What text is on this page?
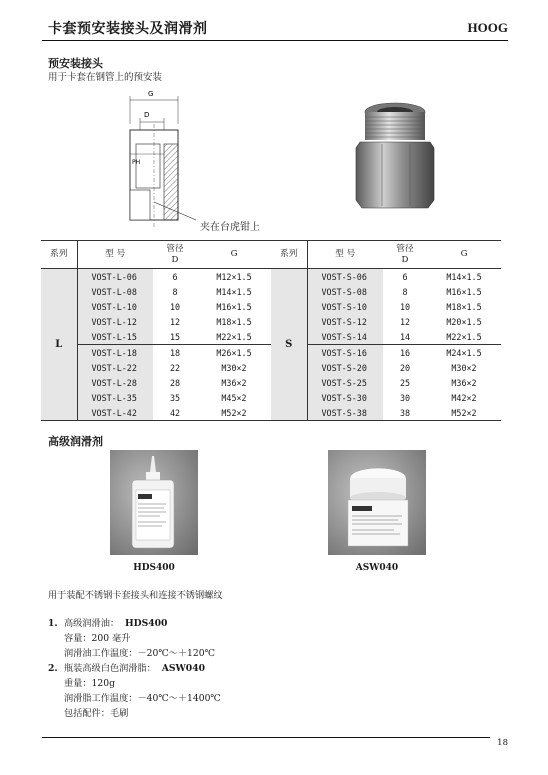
卡套预安装接头及润滑剂	HOOG
预安装接头
用于卡套在钢管上的预安装
G
D
PH
夹在台虎钳上
系列	型 号	管径
D	G
L	VOST-L-06	6	M12×1.5
	VOST-L-08	8	M14×1.5
	VOST-L-10	10	M16×1.5
	VOST-L-12	12	M18×1.5
	VOST-L-15	15	M22×1.5
	VOST-L-18	18	M26×1.5
	VOST-L-22	22	M30×2
	VOST-L-28	28	M36×2
	VOST-L-35	35	M45×2
	VOST-L-42	42	M52×2
系列	型 号	管径
D	G
S	VOST-S-06	6	M14×1.5
	VOST-S-08	8	M16×1.5
	VOST-S-10	10	M18×1.5
	VOST-S-12	12	M20×1.5
	VOST-S-14	14	M22×1.5
	VOST-S-16	16	M24×1.5
	VOST-S-20	20	M30×2
	VOST-S-25	25	M36×2
	VOST-S-30	30	M42×2
	VOST-S-38	38	M52×2
高级润滑剂
HDS400	ASW040
用于装配不锈钢卡套接头和连接不锈钢螺纹
1. 高级润滑油： HDS400
容量：200 毫升
润滑油工作温度：－20℃～＋120℃
2. 瓶装高级白色润滑脂： ASW040
重量：120g
润滑脂工作温度：－40℃～＋1400℃
包括配件：毛刷
18
